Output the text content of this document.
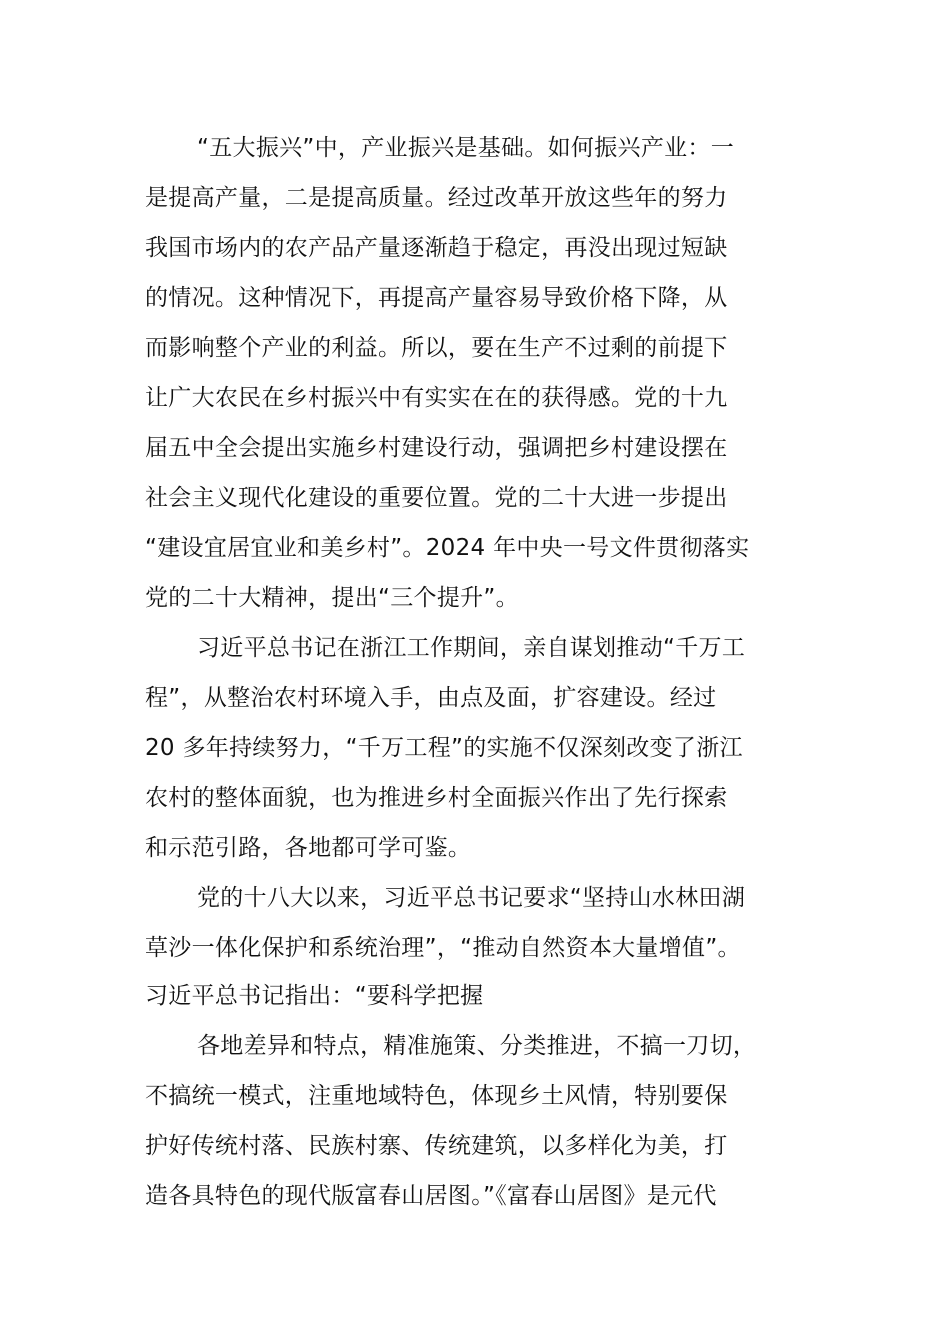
“五大振兴”中，产业振兴是基础。如何振兴产业：一
是提高产量，二是提高质量。经过改革开放这些年的努力
我国市场内的农产品产量逐渐趋于稳定，再没出现过短缺
的情况。这种情况下，再提高产量容易导致价格下降，从
而影响整个产业的利益。所以，要在生产不过剩的前提下
让广大农民在乡村振兴中有实实在在的获得感。党的十九
届五中全会提出实施乡村建设行动，强调把乡村建设摆在
社会主义现代化建设的重要位置。党的二十大进一步提出
“建设宜居宜业和美乡村”。2024 年中央一号文件贯彻落实
党的二十大精神，提出“三个提升”。
习近平总书记在浙江工作期间，亲自谋划推动“千万工
程”，从整治农村环境入手，由点及面，扩容建设。经过
20 多年持续努力，“千万工程”的实施不仅深刻改变了浙江
农村的整体面貌，也为推进乡村全面振兴作出了先行探索
和示范引路，各地都可学可鉴。
党的十八大以来，习近平总书记要求“坚持山水林田湖
草沙一体化保护和系统治理”，“推动自然资本大量增值”。
习近平总书记指出：“要科学把握
各地差异和特点，精准施策、分类推进，不搞一刀切，
不搞统一模式，注重地域特色，体现乡土风情，特别要保
护好传统村落、民族村寨、传统建筑，以多样化为美，打
造各具特色的现代版富春山居图。”《富春山居图》是元代
